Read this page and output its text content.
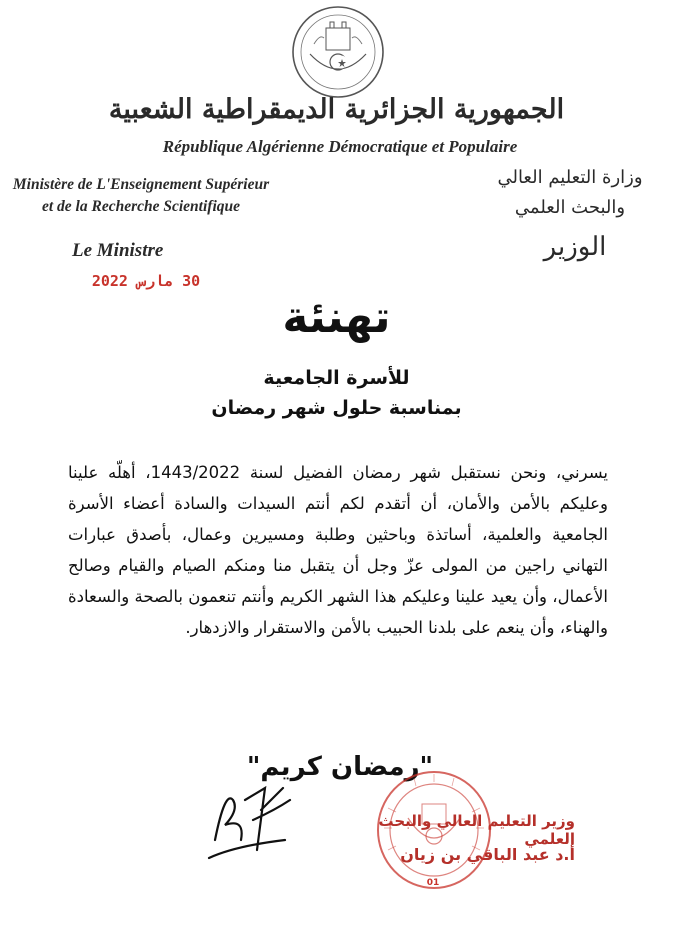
الجمهورية الجزائرية الديمقراطية الشعبية
République Algérienne Démocratique et Populaire
Ministère de L'Enseignement Supérieur
et de la Recherche Scientifique
وزارة التعليم العالي
والبحث العلمي
Le Ministre	الوزير
30 مارس 2022
تهنئة
للأسرة الجامعية
بمناسبة حلول شهر رمضان
يسرني، ونحن نستقبل شهر رمضان الفضيل لسنة 1443/2022، أهلّه علينا وعليكم بالأمن والأمان، أن أتقدم لكم أنتم السيدات والسادة أعضاء الأسرة الجامعية والعلمية، أساتذة وباحثين وطلبة ومسيرين وعمال، بأصدق عبارات التهاني راجين من المولى عزّ وجل أن يتقبل منا ومنكم الصيام والقيام وصالح الأعمال، وأن يعيد علينا وعليكم هذا الشهر الكريم وأنتم تنعمون بالصحة والسعادة والهناء، وأن ينعم على بلدنا الحبيب بالأمن والاستقرار والازدهار.
"رمضان كريم"
وزير التعليم العالي والبحث العلمي
أ.د عبد الباقي بن زيان
01
